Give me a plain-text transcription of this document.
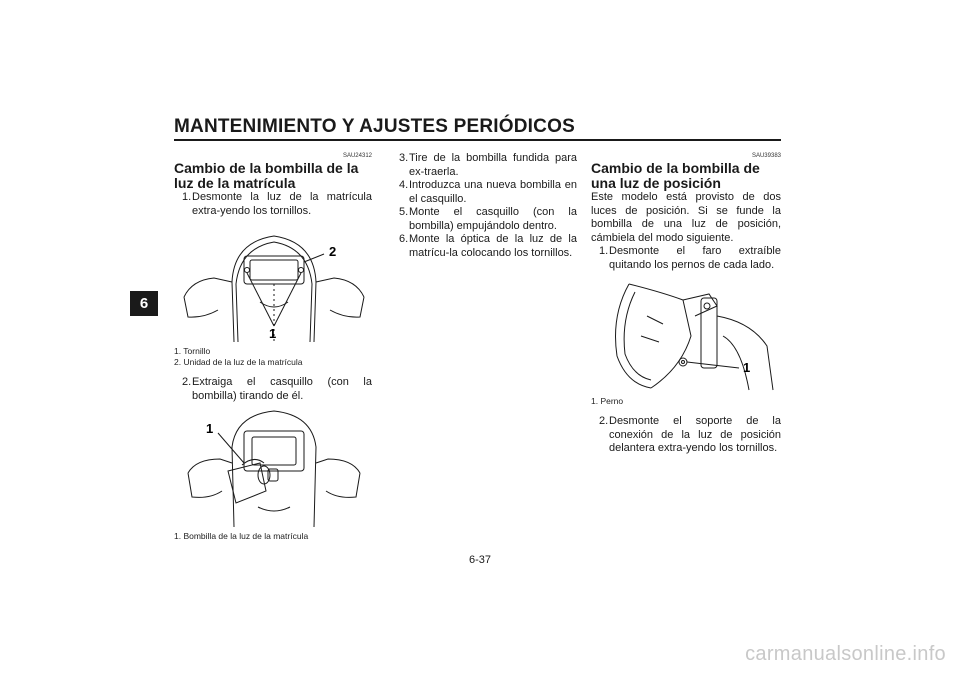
MANTENIMIENTO Y AJUSTES PERIÓDICOS
6
SAU24312
Cambio de la bombilla de la luz de la matrícula

1. Desmonte la luz de la matrícula extra-yendo los tornillos.

1
2
1. Tornillo
2. Unidad de la luz de la matrícula

2. Extraiga el casquillo (con la bombilla) tirando de él.

1
1. Bombilla de la luz de la matrícula

3. Tire de la bombilla fundida para ex-traerla.

4. Introduzca una nueva bombilla en el casquillo.

5. Monte el casquillo (con la bombilla) empujándolo dentro.

6. Monte la óptica de la luz de la matrícu-la colocando los tornillos.

SAU39383
Cambio de la bombilla de una luz de posición

Este modelo está provisto de dos luces de posición. Si se funde la bombilla de una luz de posición, cámbiela del modo siguiente.

1. Desmonte el faro extraíble quitando los pernos de cada lado.

1
1. Perno

2. Desmonte el soporte de la conexión de la luz de posición delantera extra-yendo los tornillos.

6-37
carmanualsonline.info
